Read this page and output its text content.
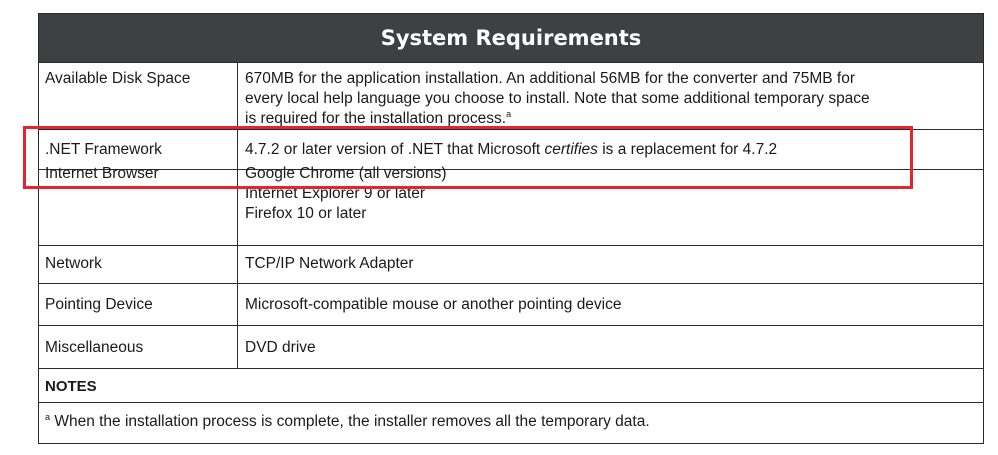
System Requirements
Available Disk Space	670MB for the application installation. An additional 56MB for the converter and 75MB for
every local help language you choose to install. Note that some additional temporary space
is required for the installation process.$^a$
.NET Framework	4.7.2 or later version of .NET that Microsoft certifies is a replacement for 4.7.2
Internet Browser	Google Chrome (all versions)
Internet Explorer 9 or later
Firefox 10 or later
Network	TCP/IP Network Adapter
Pointing Device	Microsoft-compatible mouse or another pointing device
Miscellaneous	DVD drive
NOTES
$^a$ When the installation process is complete, the installer removes all the temporary data.
